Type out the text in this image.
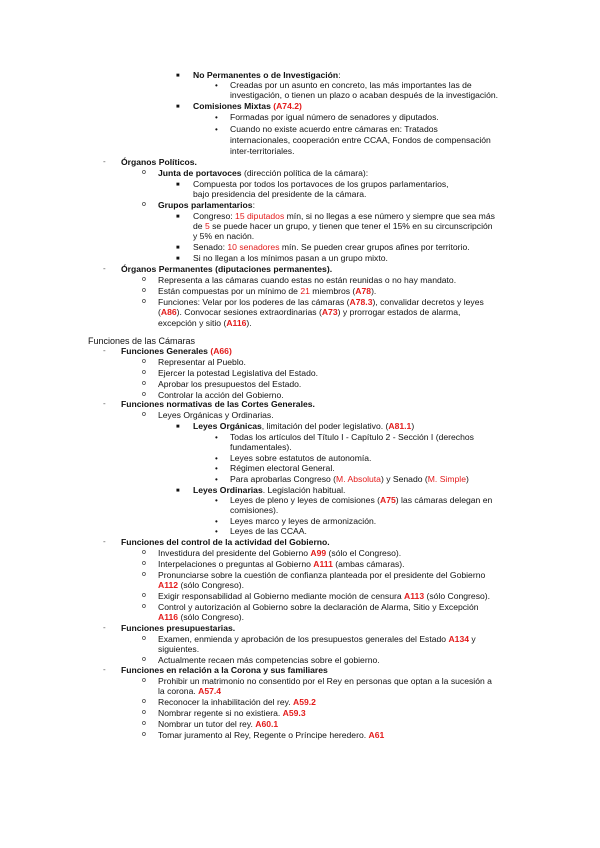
■ No Permanentes o de Investigación:
• Creadas por un asunto en concreto, las más importantes las de
investigación, o tienen un plazo o acaban después de la investigación.
■ Comisiones Mixtas (A74.2)
• Formadas por igual número de senadores y diputados.
• Cuando no existe acuerdo entre cámaras en: Tratados
internacionales, cooperación entre CCAA, Fondos de compensación
inter-territoriales.
- Órganos Políticos.
o Junta de portavoces (dirección política de la cámara):
■ Compuesta por todos los portavoces de los grupos parlamentarios,
bajo presidencia del presidente de la cámara.
o Grupos parlamentarios:
■ Congreso: 15 diputados mín, si no llegas a ese número y siempre que sea más
de 5 se puede hacer un grupo, y tienen que tener el 15% en su circunscripción
y 5% en nación.
■ Senado: 10 senadores mín. Se pueden crear grupos afines por territorio.
■ Si no llegan a los mínimos pasan a un grupo mixto.
- Órganos Permanentes (diputaciones permanentes).
o Representa a las cámaras cuando estas no están reunidas o no hay mandato.
o Están compuestas por un mínimo de 21 miembros (A78).
o Funciones: Velar por los poderes de las cámaras (A78.3), convalidar decretos y leyes
(A86). Convocar sesiones extraordinarias (A73) y prorrogar estados de alarma,
excepción y sitio (A116).
Funciones de las Cámaras
- Funciones Generales (A66)
o Representar al Pueblo.
o Ejercer la potestad Legislativa del Estado.
o Aprobar los presupuestos del Estado.
o Controlar la acción del Gobierno.
- Funciones normativas de las Cortes Generales.
o Leyes Orgánicas y Ordinarias.
■ Leyes Orgánicas, limitación del poder legislativo. (A81.1)
• Todas los artículos del Título I - Capítulo 2 - Sección I (derechos
fundamentales).
• Leyes sobre estatutos de autonomía.
• Régimen electoral General.
• Para aprobarlas Congreso (M. Absoluta) y Senado (M. Simple)
■ Leyes Ordinarias. Legislación habitual.
• Leyes de pleno y leyes de comisiones (A75) las cámaras delegan en
comisiones).
• Leyes marco y leyes de armonización.
• Leyes de las CCAA.
- Funciones del control de la actividad del Gobierno.
o Investidura del presidente del Gobierno A99 (sólo el Congreso).
o Interpelaciones o preguntas al Gobierno A111 (ambas cámaras).
o Pronunciarse sobre la cuestión de confianza planteada por el presidente del Gobierno
A112 (sólo Congreso).
o Exigir responsabilidad al Gobierno mediante moción de censura A113 (sólo Congreso).
o Control y autorización al Gobierno sobre la declaración de Alarma, Sitio y Excepción
A116 (sólo Congreso).
- Funciones presupuestarias.
o Examen, enmienda y aprobación de los presupuestos generales del Estado A134 y
siguientes.
o Actualmente recaen más competencias sobre el gobierno.
- Funciones en relación a la Corona y sus familiares
o Prohibir un matrimonio no consentido por el Rey en personas que optan a la sucesión a
la corona. A57.4
o Reconocer la inhabilitación del rey. A59.2
o Nombrar regente si no existiera. A59.3
o Nombrar un tutor del rey. A60.1
o Tomar juramento al Rey, Regente o Príncipe heredero. A61
